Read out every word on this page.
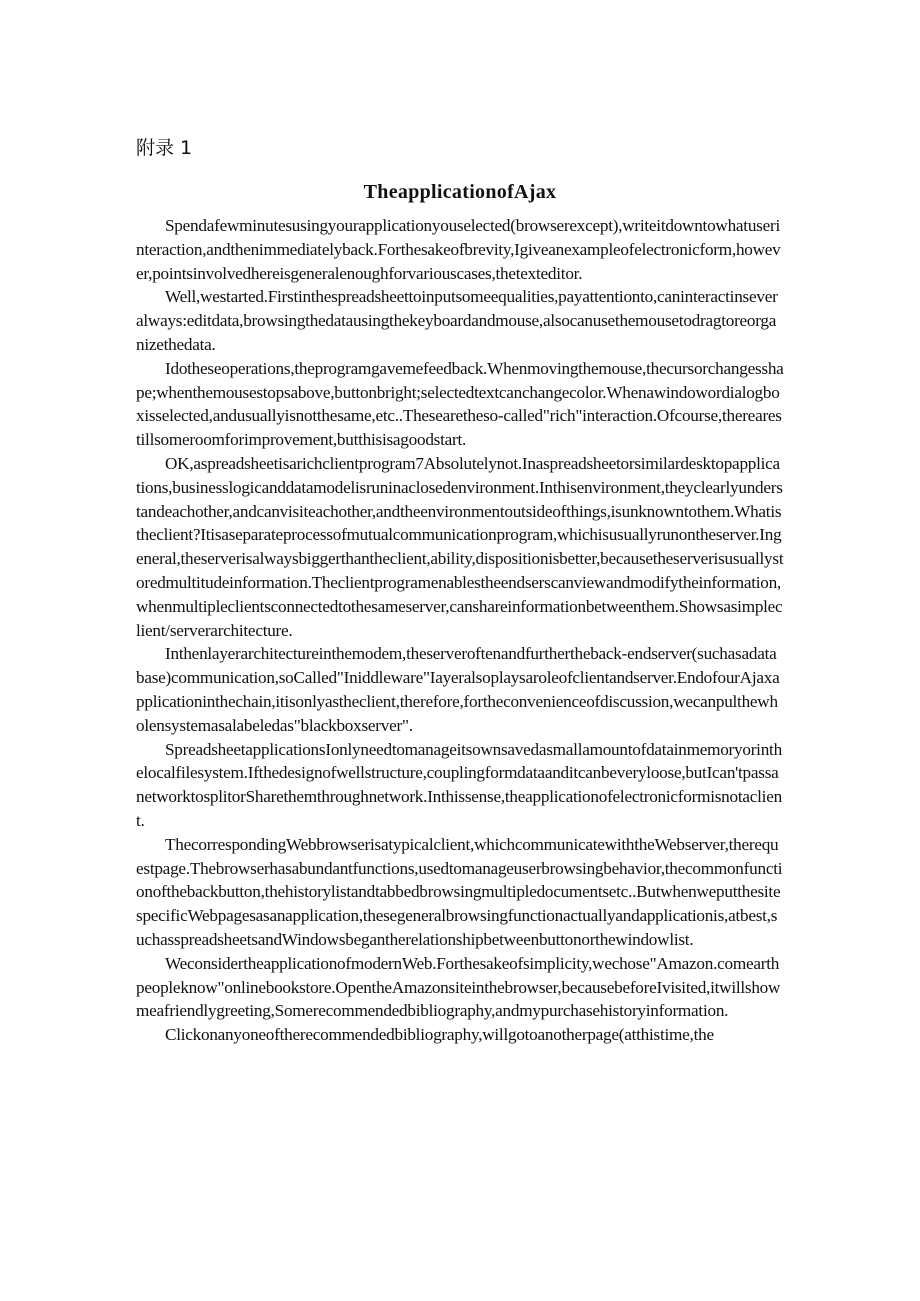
附录 1
TheapplicationofAjax

Spendafewminutesusingyourapplicationyouselected(browserexcept),writeitdowntowhatuserinteraction,andthenimmediatelyback.Forthesakeofbrevity,Igiveanexampleofelectronicform,however,pointsinvolvedhereisgeneralenoughforvariouscases,thetexteditor.

Well,westarted.Firstinthespreadsheettoinputsomeequalities,payattentionto,caninteractinseveralways:editdata,browsingthedatausingthekeyboardandmouse,alsocanusethemousetodragtoreorganizethedata.

Idotheseoperations,theprogramgavemefeedback.Whenmovingthemouse,thecursorchangesshape;whenthemousestopsabove,buttonbright;selectedtextcanchangecolor.Whenawindowordialogboxisselected,andusuallyisnotthesame,etc..Thesearetheso-called"rich"interaction.Ofcourse,therearestillsomeroomforimprovement,butthisisagoodstart.

OK,aspreadsheetisarichclientprogram7Absolutelynot.Inaspreadsheetorsimilardesktopapplications,businesslogicanddatamodelisruninaclosedenvironment.Inthisenvironment,theyclearlyunderstandeachother,andcanvisiteachother,andtheenvironmentoutsideofthings,isunknowntothem.Whatistheclient?Itisaseparateprocessofmutualcommunicationprogram,whichisusuallyrunontheserver.Ingeneral,theserverisalwaysbiggerthantheclient,ability,dispositionisbetter,becausetheserverisusuallystoredmultitudeinformation.Theclientprogramenablestheendserscanviewandmodifytheinformation,whenmultipleclientsconnectedtothesameserver,canshareinformationbetweenthem.Showsasimpleclient/serverarchitecture.

Inthenlayerarchitectureinthemodem,theserveroftenandfurthertheback-endserver(suchasadatabase)communication,soCalled"Iniddleware"Iayeralsoplaysaroleofclientandserver.EndofourAjaxapplicationinthechain,itisonlyastheclient,therefore,fortheconvenienceofdiscussion,wecanpulthewholensystemasalabeledas"blackboxserver".

SpreadsheetapplicationsIonlyneedtomanageitsownsavedasmallamountofdatainmemoryorinthelocalfilesystem.Ifthedesignofwellstructure,couplingformdataanditcanbeveryloose,butIcan'tpassanetworktosplitorSharethemthroughnetwork.Inthissense,theapplicationofelectronicformisnotaclient.

ThecorrespondingWebbrowserisatypicalclient,whichcommunicatewiththeWebserver,therequestpage.Thebrowserhasabundantfunctions,usedtomanageuserbrowsingbehavior,thecommonfunctionofthebackbutton,thehistorylistandtabbedbrowsingmultipledocumentsetc..ButwhenweputthesitespecificWebpagesasanapplication,thesegeneralbrowsingfunctionactuallyandapplicationis,atbest,suchasspreadsheetsandWindowsbegantherelationshipbetweenbuttonorthewindowlist.

WeconsidertheapplicationofmodernWeb.Forthesakeofsimplicity,wechose"Amazon.comearthpeopleknow"onlinebookstore.OpentheAmazonsiteinthebrowser,becausebeforeIvisited,itwillshowmeafriendlygreeting,Somerecommendedbibliography,andmypurchasehistoryinformation.

Clickonanyoneoftherecommendedbibliography,willgotoanotherpage(atthistime,the
